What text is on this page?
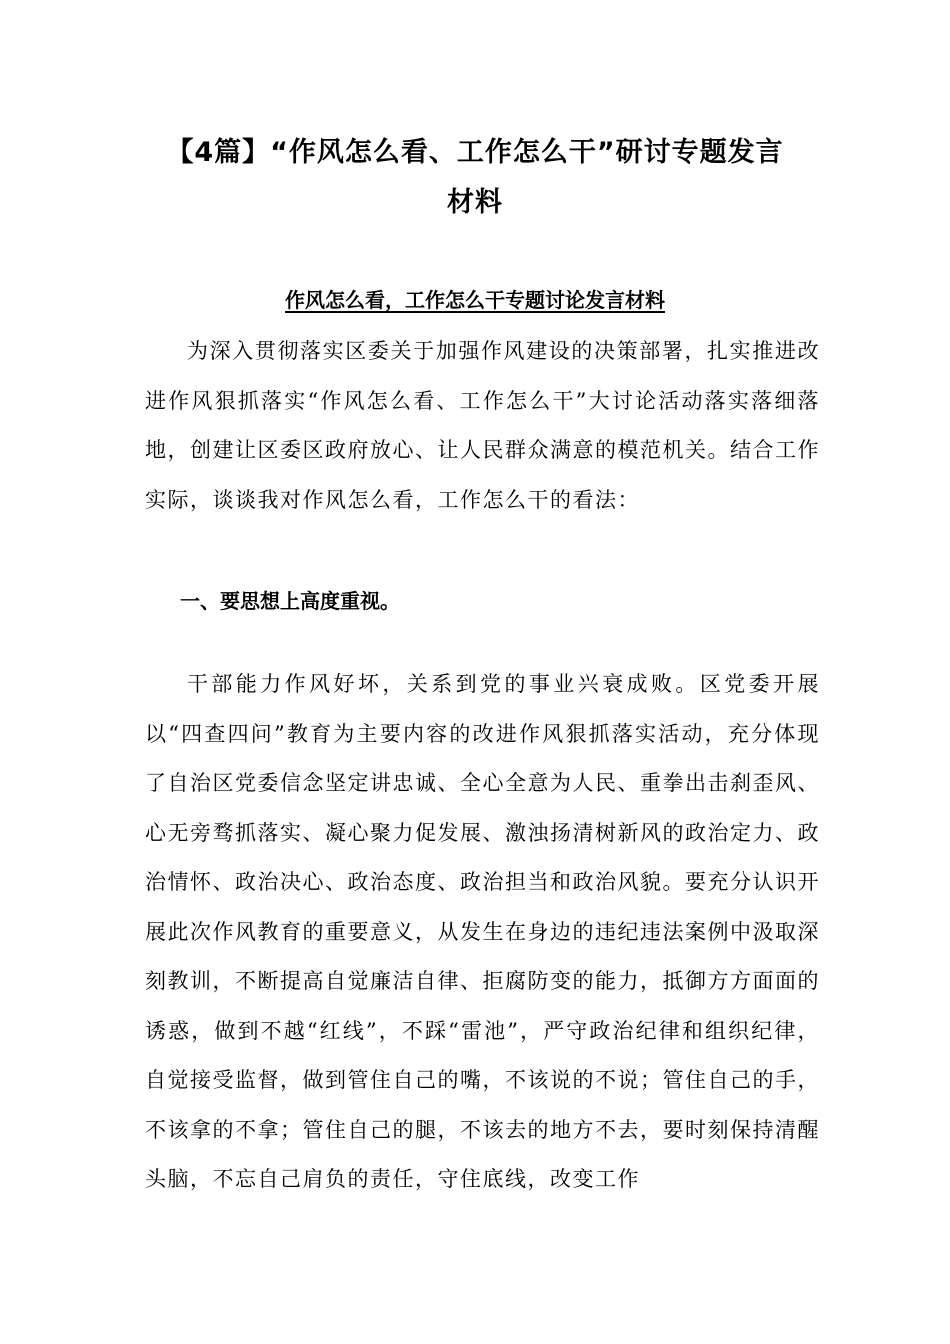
【4篇】“作风怎么看、工作怎么干”研讨专题发言
材料
作风怎么看，工作怎么干专题讨论发言材料

为深入贯彻落实区委关于加强作风建设的决策部署，扎实推进改进作风狠抓落实“作风怎么看、工作怎么干”大讨论活动落实落细落地，创建让区委区政府放心、让人民群众满意的模范机关。结合工作实际，谈谈我对作风怎么看，工作怎么干的看法：

一、要思想上高度重视。

干部能力作风好坏，关系到党的事业兴衰成败。区党委开展以“四查四问”教育为主要内容的改进作风狠抓落实活动，充分体现了自治区党委信念坚定讲忠诚、全心全意为人民、重拳出击刹歪风、心无旁骛抓落实、凝心聚力促发展、激浊扬清树新风的政治定力、政治情怀、政治决心、政治态度、政治担当和政治风貌。要充分认识开展此次作风教育的重要意义，从发生在身边的违纪违法案例中汲取深刻教训，不断提高自觉廉洁自律、拒腐防变的能力，抵御方方面面的诱惑，做到不越“红线”，不踩“雷池”，严守政治纪律和组织纪律，自觉接受监督，做到管住自己的嘴，不该说的不说；管住自己的手，不该拿的不拿；管住自己的腿，不该去的地方不去，要时刻保持清醒头脑，不忘自己肩负的责任，守住底线，改变工作
